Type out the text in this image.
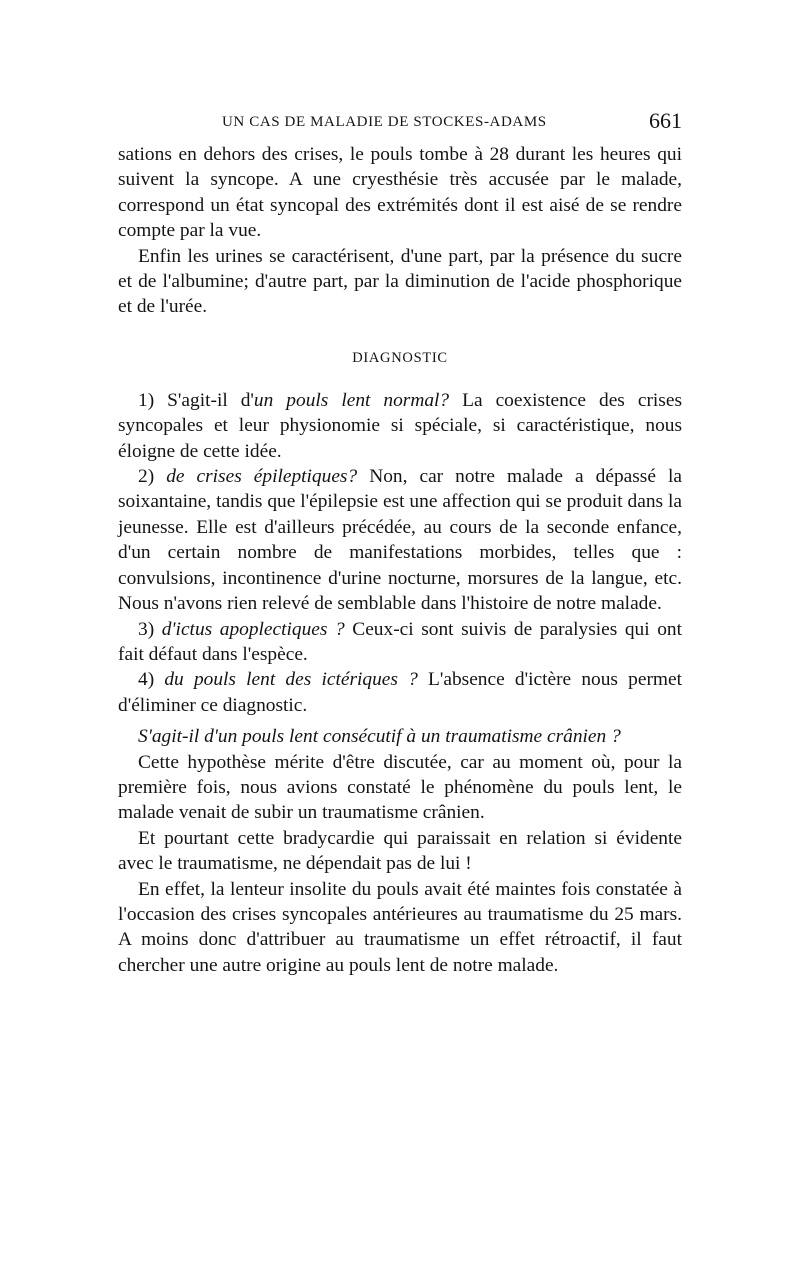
UN CAS DE MALADIE DE STOCKES-ADAMS	661

sations en dehors des crises, le pouls tombe à 28 durant les heures qui suivent la syncope. A une cryesthésie très accusée par le malade, correspond un état syncopal des extrémités dont il est aisé de se rendre compte par la vue.

Enfin les urines se caractérisent, d'une part, par la présence du sucre et de l'albumine; d'autre part, par la diminution de l'acide phosphorique et de l'urée.

DIAGNOSTIC

1) S'agit-il d'un pouls lent normal? La coexistence des crises syncopales et leur physionomie si spéciale, si caractéristique, nous éloigne de cette idée.

2) de crises épileptiques? Non, car notre malade a dépassé la soixantaine, tandis que l'épilepsie est une affection qui se produit dans la jeunesse. Elle est d'ailleurs précédée, au cours de la seconde enfance, d'un certain nombre de manifestations morbides, telles que : convulsions, incontinence d'urine nocturne, morsures de la langue, etc. Nous n'avons rien relevé de semblable dans l'histoire de notre malade.

3) d'ictus apoplectiques ? Ceux-ci sont suivis de paralysies qui ont fait défaut dans l'espèce.

4) du pouls lent des ictériques ? L'absence d'ictère nous permet d'éliminer ce diagnostic.

S'agit-il d'un pouls lent consécutif à un traumatisme crânien ?

Cette hypothèse mérite d'être discutée, car au moment où, pour la première fois, nous avions constaté le phénomène du pouls lent, le malade venait de subir un traumatisme crânien.

Et pourtant cette bradycardie qui paraissait en relation si évidente avec le traumatisme, ne dépendait pas de lui !

En effet, la lenteur insolite du pouls avait été maintes fois constatée à l'occasion des crises syncopales antérieures au traumatisme du 25 mars. A moins donc d'attribuer au traumatisme un effet rétroactif, il faut chercher une autre origine au pouls lent de notre malade.
